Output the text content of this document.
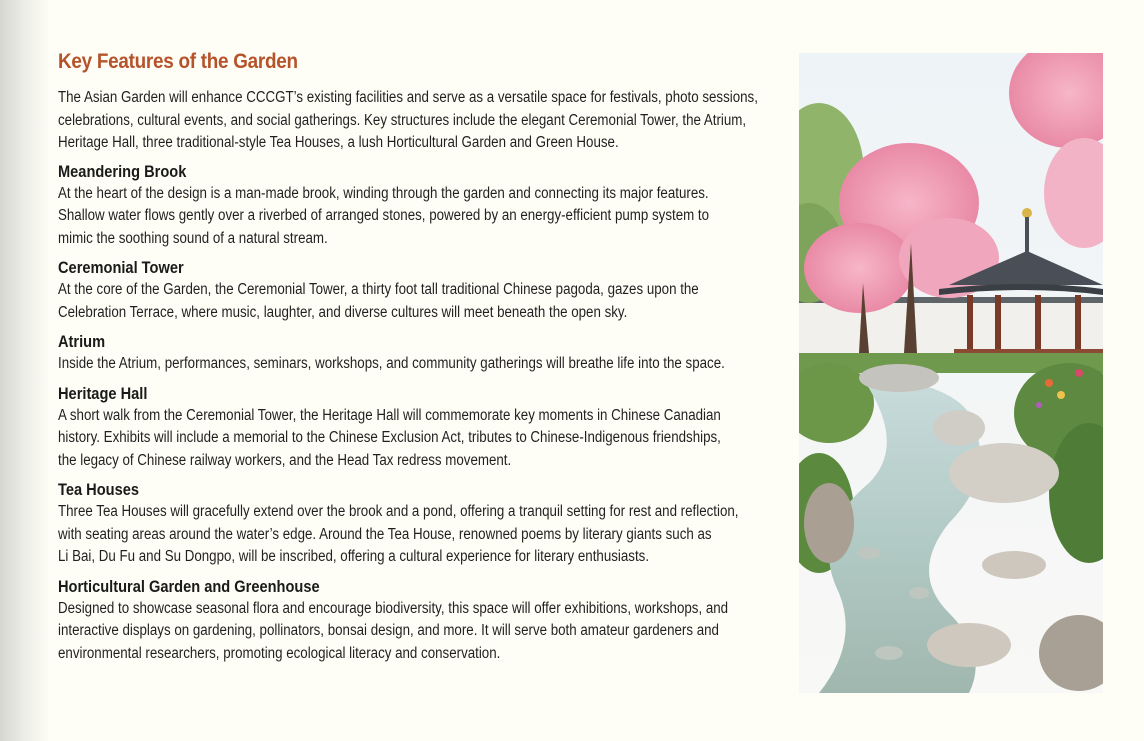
Key Features of the Garden

The Asian Garden will enhance CCCGT’s existing facilities and serve as a versatile space for festivals, photo sessions,
celebrations, cultural events, and social gatherings. Key structures include the elegant Ceremonial Tower, the Atrium,
Heritage Hall, three traditional-style Tea Houses, a lush Horticultural Garden and Green House.

Meandering Brook

At the heart of the design is a man-made brook, winding through the garden and connecting its major features.
Shallow water flows gently over a riverbed of arranged stones, powered by an energy-efficient pump system to
mimic the soothing sound of a natural stream.

Ceremonial Tower

At the core of the Garden, the Ceremonial Tower, a thirty foot tall traditional Chinese pagoda, gazes upon the
Celebration Terrace, where music, laughter, and diverse cultures will meet beneath the open sky.

Atrium

Inside the Atrium, performances, seminars, workshops, and community gatherings will breathe life into the space.

Heritage Hall

A short walk from the Ceremonial Tower, the Heritage Hall will commemorate key moments in Chinese Canadian
history. Exhibits will include a memorial to the Chinese Exclusion Act, tributes to Chinese-Indigenous friendships,
the legacy of Chinese railway workers, and the Head Tax redress movement.

Tea Houses

Three Tea Houses will gracefully extend over the brook and a pond, offering a tranquil setting for rest and reflection,
with seating areas around the water’s edge. Around the Tea House, renowned poems by literary giants such as
Li Bai, Du Fu and Su Dongpo, will be inscribed, offering a cultural experience for literary enthusiasts.

Horticultural Garden and Greenhouse

Designed to showcase seasonal flora and encourage biodiversity, this space will offer exhibitions, workshops, and
interactive displays on gardening, pollinators, bonsai design, and more. It will serve both amateur gardeners and
environmental researchers, promoting ecological literacy and conservation.
